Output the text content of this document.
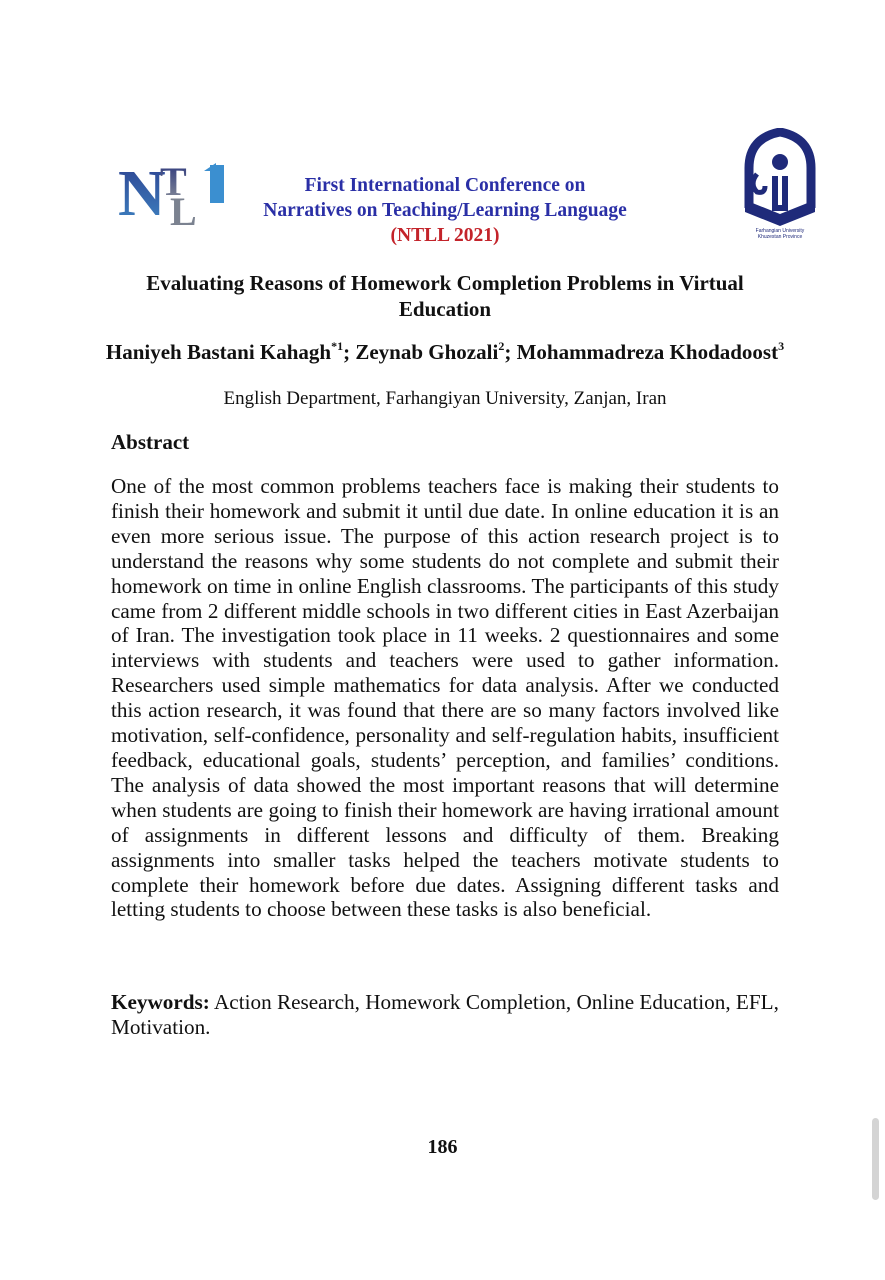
N
T
L
First International Conference on
Narratives on Teaching/Learning Language
(NTLL 2021)	Farhangian University
Khuzestan Province
Evaluating Reasons of Homework Completion Problems in Virtual Education
Haniyeh Bastani Kahagh$^{*1}$; Zeynab Ghozali$^2$; Mohammadreza Khodadoost$^3$
English Department, Farhangiyan University, Zanjan, Iran
Abstract
One of the most common problems teachers face is making their students to finish their homework and submit it until due date. In online education it is an even more serious issue. The purpose of this action research project is to understand the reasons why some students do not complete and submit their homework on time in online English classrooms. The participants of this study came from 2 different middle schools in two different cities in East Azerbaijan of Iran. The investigation took place in 11 weeks. 2 questionnaires and some interviews with students and teachers were used to gather information. Researchers used simple mathematics for data analysis. After we conducted this action research, it was found that there are so many factors involved like motivation, self-confidence, personality and self-regulation habits, insufficient feedback, educational goals, students’ perception, and families’ conditions. The analysis of data showed the most important reasons that will determine when students are going to finish their homework are having irrational amount of assignments in different lessons and difficulty of them. Breaking assignments into smaller tasks helped the teachers motivate students to complete their homework before due dates. Assigning different tasks and letting students to choose between these tasks is also beneficial.
Keywords: Action Research, Homework Completion, Online Education, EFL, Motivation.
186
